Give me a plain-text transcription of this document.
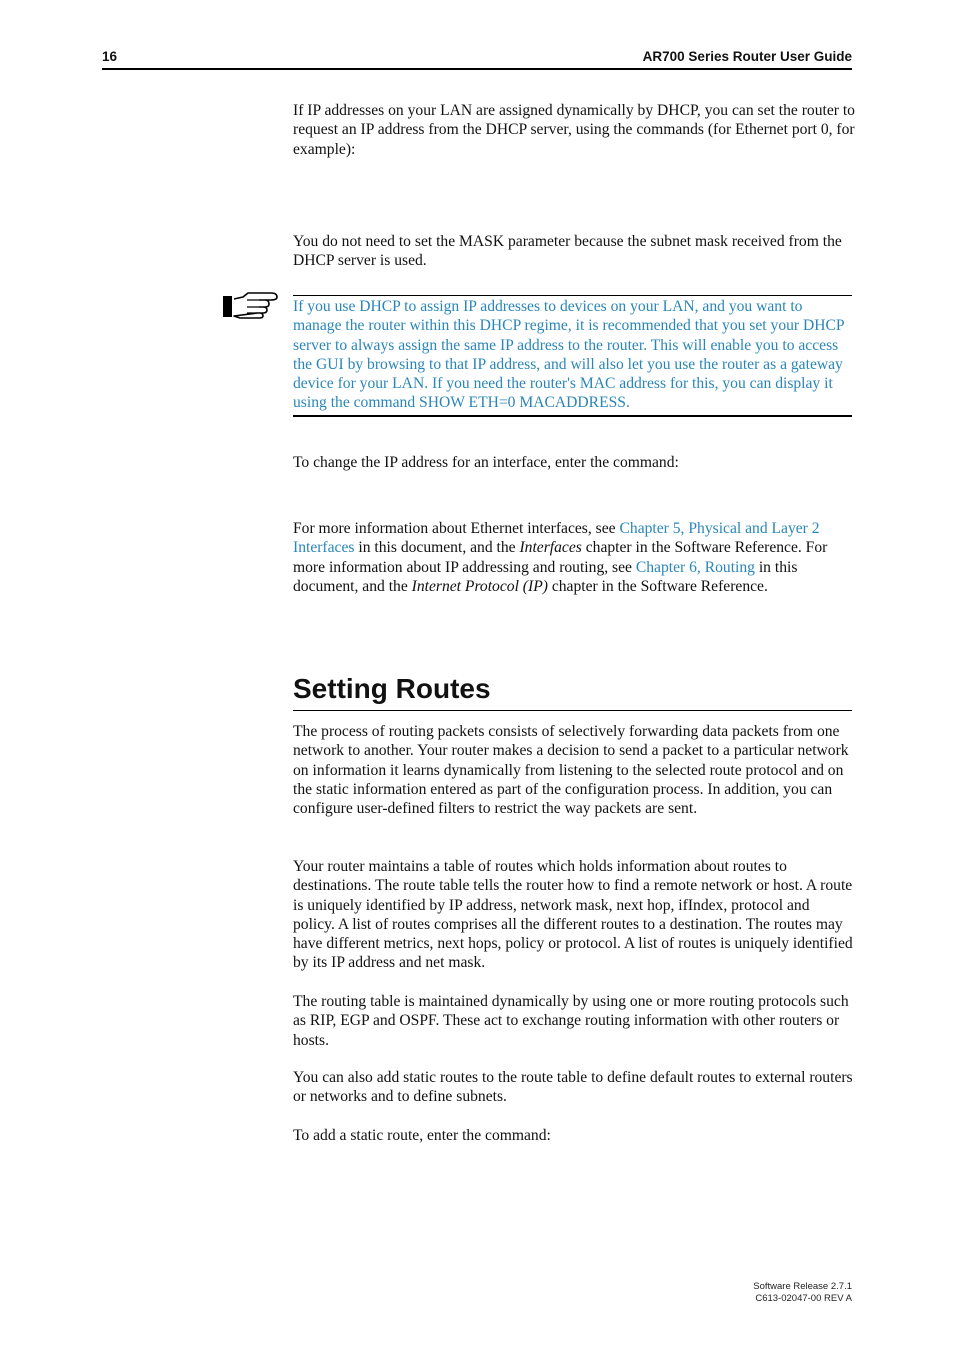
16	AR700 Series Router User Guide

If IP addresses on your LAN are assigned dynamically by DHCP, you can set the router to request an IP address from the DHCP server, using the commands (for Ethernet port 0, for example):

You do not need to set the MASK parameter because the subnet mask received from the DHCP server is used.

If you use DHCP to assign IP addresses to devices on your LAN, and you want to manage the router within this DHCP regime, it is recommended that you set your DHCP server to always assign the same IP address to the router. This will enable you to access the GUI by browsing to that IP address, and will also let you use the router as a gateway device for your LAN. If you need the router's MAC address for this, you can display it using the command SHOW ETH=0 MACADDRESS.

To change the IP address for an interface, enter the command:

For more information about Ethernet interfaces, see Chapter 5, Physical and Layer 2 Interfaces in this document, and the Interfaces chapter in the Software Reference. For more information about IP addressing and routing, see Chapter 6, Routing in this document, and the Internet Protocol (IP) chapter in the Software Reference.

Setting Routes

The process of routing packets consists of selectively forwarding data packets from one network to another. Your router makes a decision to send a packet to a particular network on information it learns dynamically from listening to the selected route protocol and on the static information entered as part of the configuration process. In addition, you can configure user-defined filters to restrict the way packets are sent.

Your router maintains a table of routes which holds information about routes to destinations. The route table tells the router how to find a remote network or host. A route is uniquely identified by IP address, network mask, next hop, ifIndex, protocol and policy. A list of routes comprises all the different routes to a destination. The routes may have different metrics, next hops, policy or protocol. A list of routes is uniquely identified by its IP address and net mask.

The routing table is maintained dynamically by using one or more routing protocols such as RIP, EGP and OSPF. These act to exchange routing information with other routers or hosts.

You can also add static routes to the route table to define default routes to external routers or networks and to define subnets.

To add a static route, enter the command:

Software Release 2.7.1
C613-02047-00 REV A
